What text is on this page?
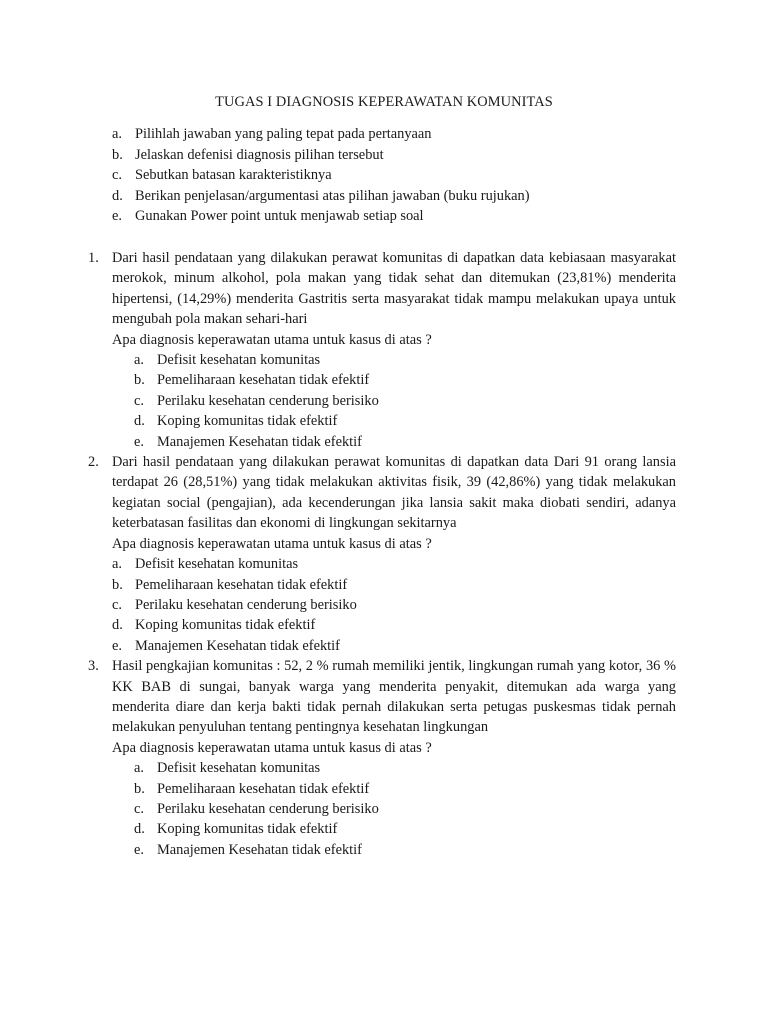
TUGAS I DIAGNOSIS KEPERAWATAN KOMUNITAS
a. Pilihlah jawaban yang paling tepat pada pertanyaan
b. Jelaskan defenisi diagnosis pilihan tersebut
c. Sebutkan batasan karakteristiknya
d. Berikan penjelasan/argumentasi atas pilihan jawaban (buku rujukan)
e. Gunakan Power point untuk menjawab setiap soal
1. Dari hasil pendataan yang dilakukan perawat komunitas di dapatkan data kebiasaan masyarakat merokok, minum alkohol, pola makan yang tidak sehat dan ditemukan (23,81%) menderita hipertensi, (14,29%) menderita Gastritis serta masyarakat tidak mampu melakukan upaya untuk mengubah pola makan sehari-hari
Apa diagnosis keperawatan utama untuk kasus di atas ?
a. Defisit kesehatan komunitas
b. Pemeliharaan kesehatan tidak efektif
c. Perilaku kesehatan cenderung berisiko
d. Koping komunitas tidak efektif
e. Manajemen Kesehatan tidak efektif
2. Dari hasil pendataan yang dilakukan perawat komunitas di dapatkan data Dari 91 orang lansia terdapat 26 (28,51%) yang tidak melakukan aktivitas fisik, 39 (42,86%) yang tidak melakukan kegiatan social (pengajian), ada kecenderungan jika lansia sakit maka diobati sendiri, adanya keterbatasan fasilitas dan ekonomi di lingkungan sekitarnya
Apa diagnosis keperawatan utama untuk kasus di atas ?
a. Defisit kesehatan komunitas
b. Pemeliharaan kesehatan tidak efektif
c. Perilaku kesehatan cenderung berisiko
d. Koping komunitas tidak efektif
e. Manajemen Kesehatan tidak efektif
3. Hasil pengkajian komunitas : 52, 2 % rumah memiliki jentik, lingkungan rumah yang kotor, 36 % KK BAB di sungai, banyak warga yang menderita penyakit, ditemukan ada warga yang menderita diare dan kerja bakti tidak pernah dilakukan serta petugas puskesmas tidak pernah melakukan penyuluhan tentang pentingnya kesehatan lingkungan
Apa diagnosis keperawatan utama untuk kasus di atas ?
a. Defisit kesehatan komunitas
b. Pemeliharaan kesehatan tidak efektif
c. Perilaku kesehatan cenderung berisiko
d. Koping komunitas tidak efektif
e. Manajemen Kesehatan tidak efektif
